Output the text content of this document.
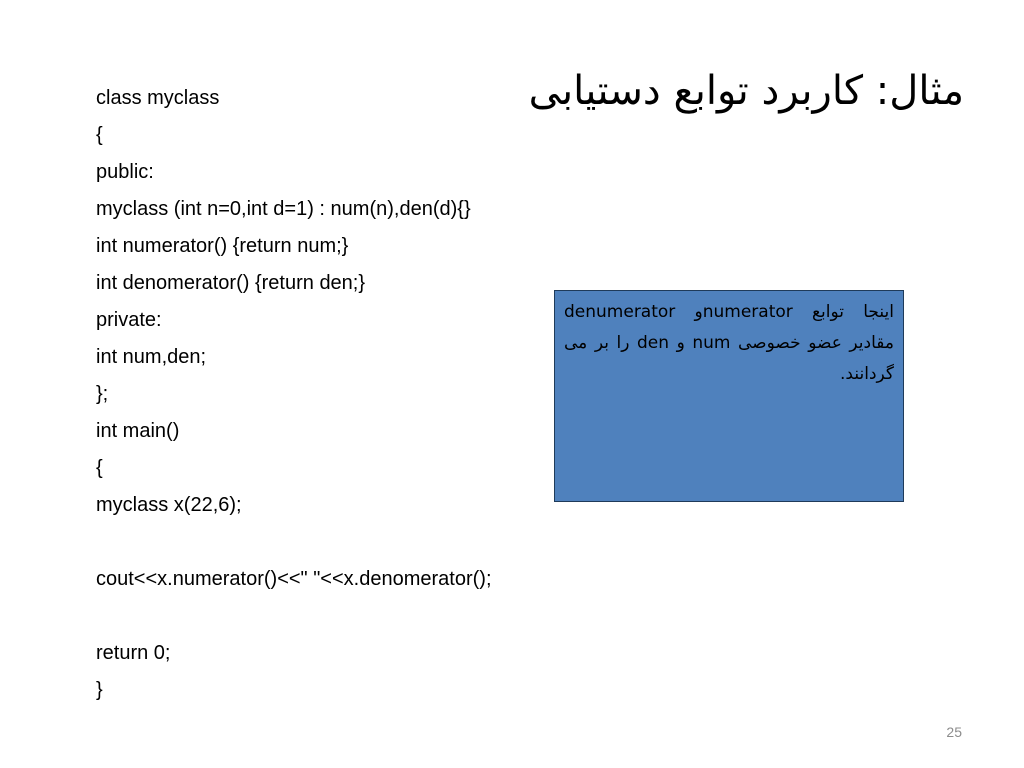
مثال: کاربرد توابع دستیابی
class myclass
{
public:
myclass (int n=0,int d=1) : num(n),den(d){}
int numerator() {return num;}
int denomerator() {return den;}
private:
int num,den;
};
int main()
{
myclass x(22,6);
cout<<x.numerator()<<" "<<x.denomerator();
return 0;
}
اینجا توابع numeratorو denumerator مقادیر عضو خصوصی num و den را بر می گردانند.
25
